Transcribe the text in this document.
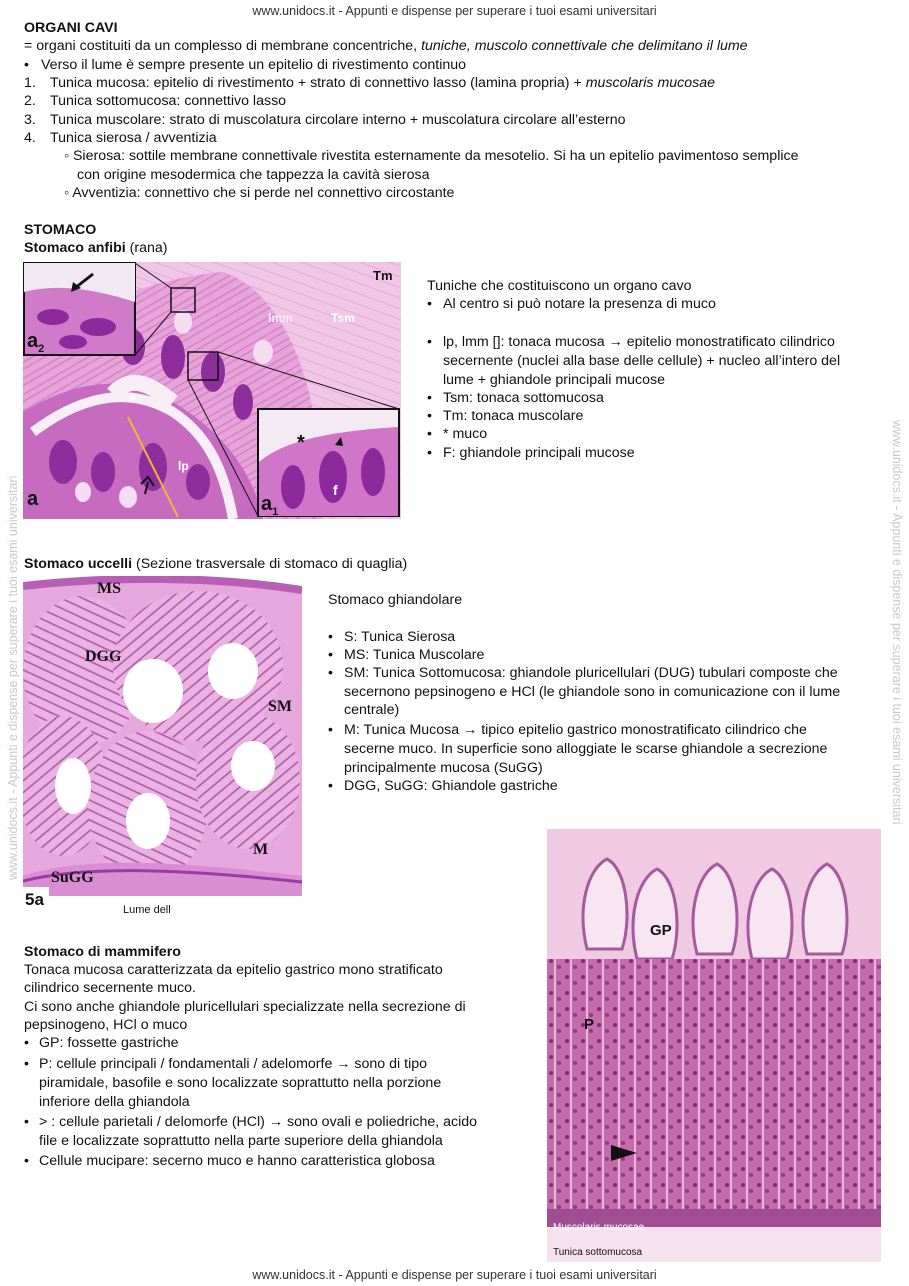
www.unidocs.it - Appunti e dispense per superare i tuoi esami universitari
www.unidocs.it - Appunti e dispense per superare i tuoi esami universitari
www.unidocs.it - Appunti e dispense per superare i tuoi esami universitari	www.unidocs.it - Appunti e dispense per superare i tuoi esami universitari
ORGANI CAVI
= organi costituiti da un complesso di membrane concentriche, tuniche, muscolo connettivale che delimitano il lume
• Verso il lume è sempre presente un epitelio di rivestimento continuo
1. Tunica mucosa: epitelio di rivestimento + strato di connettivo lasso (lamina propria) + muscolaris mucosae
2. Tunica sottomucosa: connettivo lasso
3. Tunica muscolare: strato di muscolatura circolare interno + muscolatura circolare all’esterno
4. Tunica sierosa / avventizia
◦ Sierosa: sottile membrane connettivale rivestita esternamente da mesotelio. Si ha un epitelio pavimentoso semplice
con origine mesodermica che tappezza la cavità sierosa
◦ Avventizia: connettivo che si perde nel connettivo circostante
STOMACO
Stomaco anfibi (rana)
Tm
lmm	Tsm
lp
*
*
f
a	$a_1$
$a_2$
Tuniche che costituiscono un organo cavo
• Al centro si può notare la presenza di muco
• lp, lmm []: tonaca mucosa → epitelio monostratificato cilindrico
secernente (nuclei alla base delle cellule) + nucleo all’intero del
lume + ghiandole principali mucose
• Tsm: tonaca sottomucosa
• Tm: tonaca muscolare
• * muco
• F: ghiandole principali mucose
Stomaco uccelli (Sezione trasversale di stomaco di quaglia)
MS
DGG
SM
M
SuGG
5a
Lume dell
Stomaco ghiandolare
• S: Tunica Sierosa
• MS: Tunica Muscolare
• SM: Tunica Sottomucosa: ghiandole pluricellulari (DUG) tubulari composte che
secernono pepsinogeno e HCl (le ghiandole sono in comunicazione con il lume
centrale)
• M: Tunica Mucosa → tipico epitelio gastrico monostratificato cilindrico che
secerne muco. In superficie sono alloggiate le scarse ghiandole a secrezione
principalmente mucosa (SuGG)
• DGG, SuGG: Ghiandole gastriche
GP
P
Muscolaris mucosae
Tunica sottomucosa
Stomaco di mammifero
Tonaca mucosa caratterizzata da epitelio gastrico mono stratificato
cilindrico secernente muco.
Ci sono anche ghiandole pluricellulari specializzate nella secrezione di
pepsinogeno, HCl o muco
• GP: fossette gastriche
• P: cellule principali / fondamentali / adelomorfe → sono di tipo
piramidale, basofile e sono localizzate soprattutto nella porzione
inferiore della ghiandola
• > : cellule parietali / delomorfe (HCl) → sono ovali e poliedriche, acido
file e localizzate soprattutto nella parte superiore della ghiandola
• Cellule mucipare: secerno muco e hanno caratteristica globosa
